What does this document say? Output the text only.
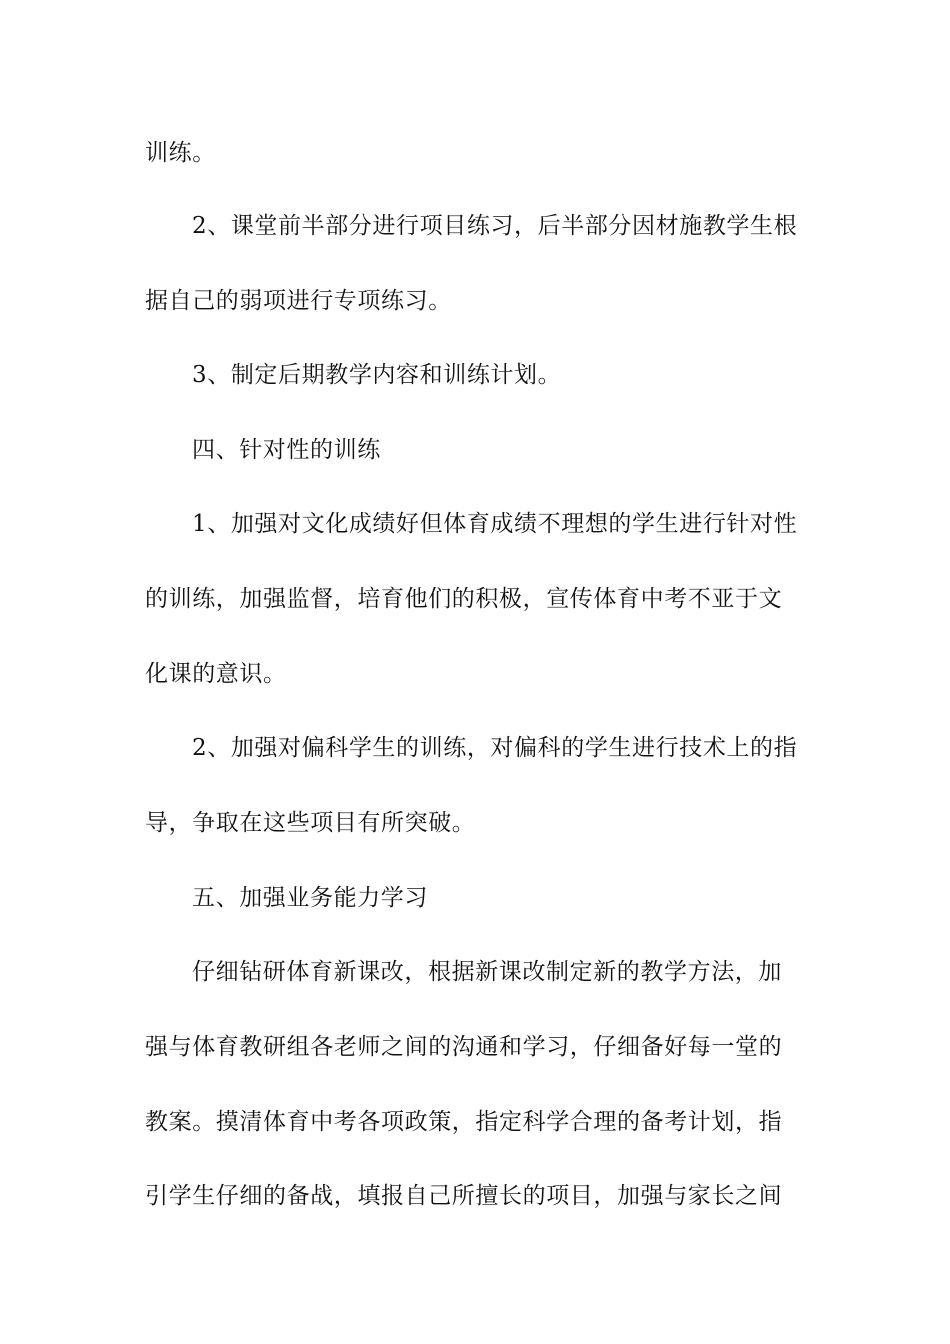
训练。
2、课堂前半部分进行项目练习，后半部分因材施教学生根
据自己的弱项进行专项练习。
3、制定后期教学内容和训练计划。
四、针对性的训练
1、加强对文化成绩好但体育成绩不理想的学生进行针对性
的训练，加强监督，培育他们的积极，宣传体育中考不亚于文
化课的意识。
2、加强对偏科学生的训练，对偏科的学生进行技术上的指
导，争取在这些项目有所突破。
五、加强业务能力学习
仔细钻研体育新课改，根据新课改制定新的教学方法，加
强与体育教研组各老师之间的沟通和学习，仔细备好每一堂的
教案。摸清体育中考各项政策，指定科学合理的备考计划，指
引学生仔细的备战，填报自己所擅长的项目，加强与家长之间
